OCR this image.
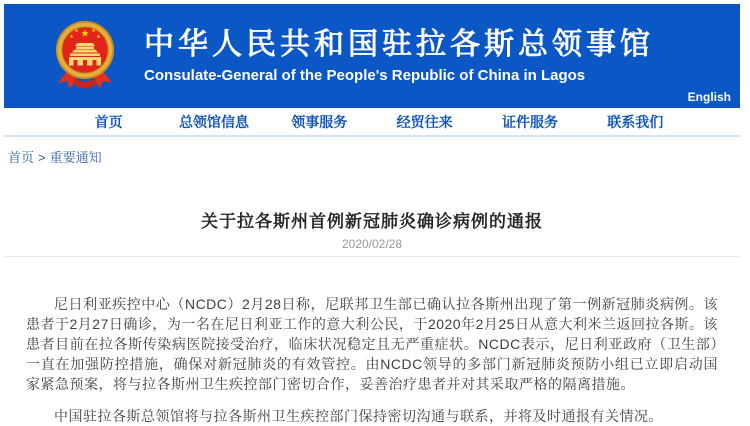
中华人民共和国驻拉各斯总领事馆
Consulate-General of the People's Republic of China in Lagos
English
首页	总领馆信息	领事服务	经贸往来	证件服务	联系我们
首页 > 重要通知
关于拉各斯州首例新冠肺炎确诊病例的通报
2020/02/28

尼日利亚疾控中心（NCDC）2月28日称，尼联邦卫生部已确认拉各斯州出现了第一例新冠肺炎病例。该患者于2月27日确诊，为一名在尼日利亚工作的意大利公民，于2020年2月25日从意大利米兰返回拉各斯。该患者目前在拉各斯传染病医院接受治疗，临床状况稳定且无严重症状。NCDC表示，尼日利亚政府（卫生部）一直在加强防控措施，确保对新冠肺炎的有效管控。由NCDC领导的多部门新冠肺炎预防小组已立即启动国家紧急预案，将与拉各斯州卫生疾控部门密切合作，妥善治疗患者并对其采取严格的隔离措施。

中国驻拉各斯总领馆将与拉各斯州卫生疾控部门保持密切沟通与联系，并将及时通报有关情况。
